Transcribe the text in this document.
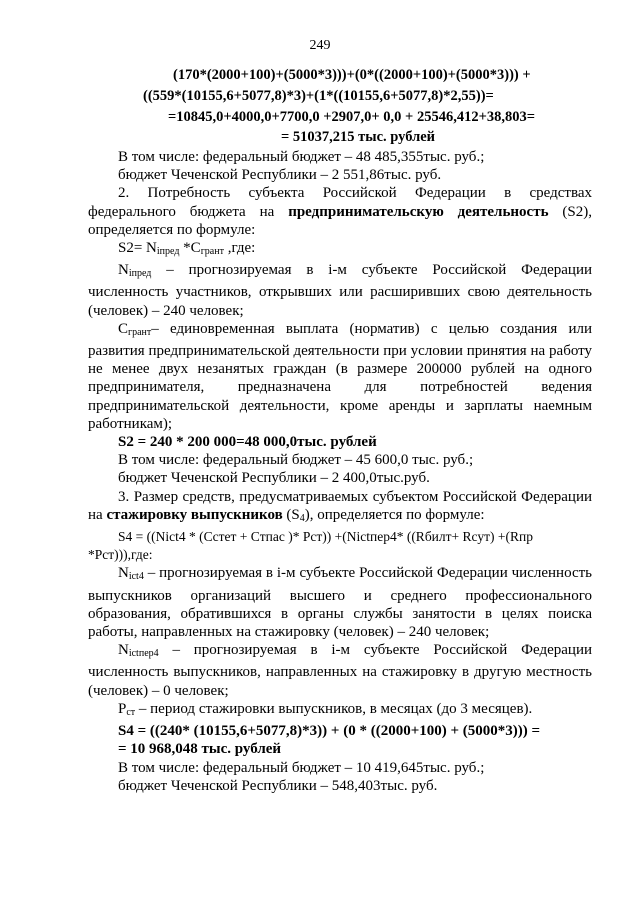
249

(170*(2000+100)+(5000*3)))+(0*((2000+100)+(5000*3))) +

((559*(10155,6+5077,8)*3)+(1*((10155,6+5077,8)*2,55))=

=10845,0+4000,0+7700,0 +2907,0+ 0,0 + 25546,412+38,803=

= 51037,215 тыс. рублей

В том числе: федеральный бюджет – 48 485,355тыс. руб.;

бюджет Чеченской Республики – 2 551,86тыс. руб.

2. Потребность субъекта Российской Федерации в средствах

федерального бюджета на предпринимательскую деятельность (S2),

определяется по формуле:

$S2= N_{iпред}$ $*C_{грант}$ ,где:

$N_{iпред}$ – прогнозируемая в i-м субъекте Российской Федерации

численность участников, открывших или расширивших свою деятельность

(человек) – 240 человек;

$C_{грант}-$ единовременная выплата (норматив) с целью создания или

развития предпринимательской деятельности при условии принятия на работу

не менее двух незанятых граждан (в размере 200000 рублей на одного

предпринимателя, предназначена для потребностей ведения

предпринимательской деятельности, кроме аренды и зарплаты наемным

работникам);

S2 = 240 * 200 000=48 000,0тыс. рублей

В том числе: федеральный бюджет – 45 600,0 тыс. руб.;

бюджет Чеченской Республики – 2 400,0тыс.руб.

3. Размер средств, предусматриваемых субъектом Российской Федерации

на стажировку выпускников $(S_4)$, определяется по формуле:

S4 = ((Nict4 * (Cстет + Cтпас )* Pст)) +(Nictпер4* ((Rбилт+ Rсут) +(Rпр *Pст))),где:

$N_{ict4}$ – прогнозируемая в i-м субъекте Российской Федерации численность

выпускников организаций высшего и среднего профессионального

образования, обратившихся в органы службы занятости в целях поиска

работы, направленных на стажировку (человек) – 240 человек;

$N_{ictпер4}$ – прогнозируемая в i-м субъекте Российской Федерации

численность выпускников, направленных на стажировку в другую местность

(человек) – 0 человек;

$P_{ст}$ – период стажировки выпускников, в месяцах (до 3 месяцев).

S4 = ((240* (10155,6+5077,8)*3)) + (0 * ((2000+100) + (5000*3))) =

= 10 968,048 тыс. рублей

В том числе: федеральный бюджет – 10 419,645тыс. руб.;

бюджет Чеченской Республики – 548,403тыс. руб.
